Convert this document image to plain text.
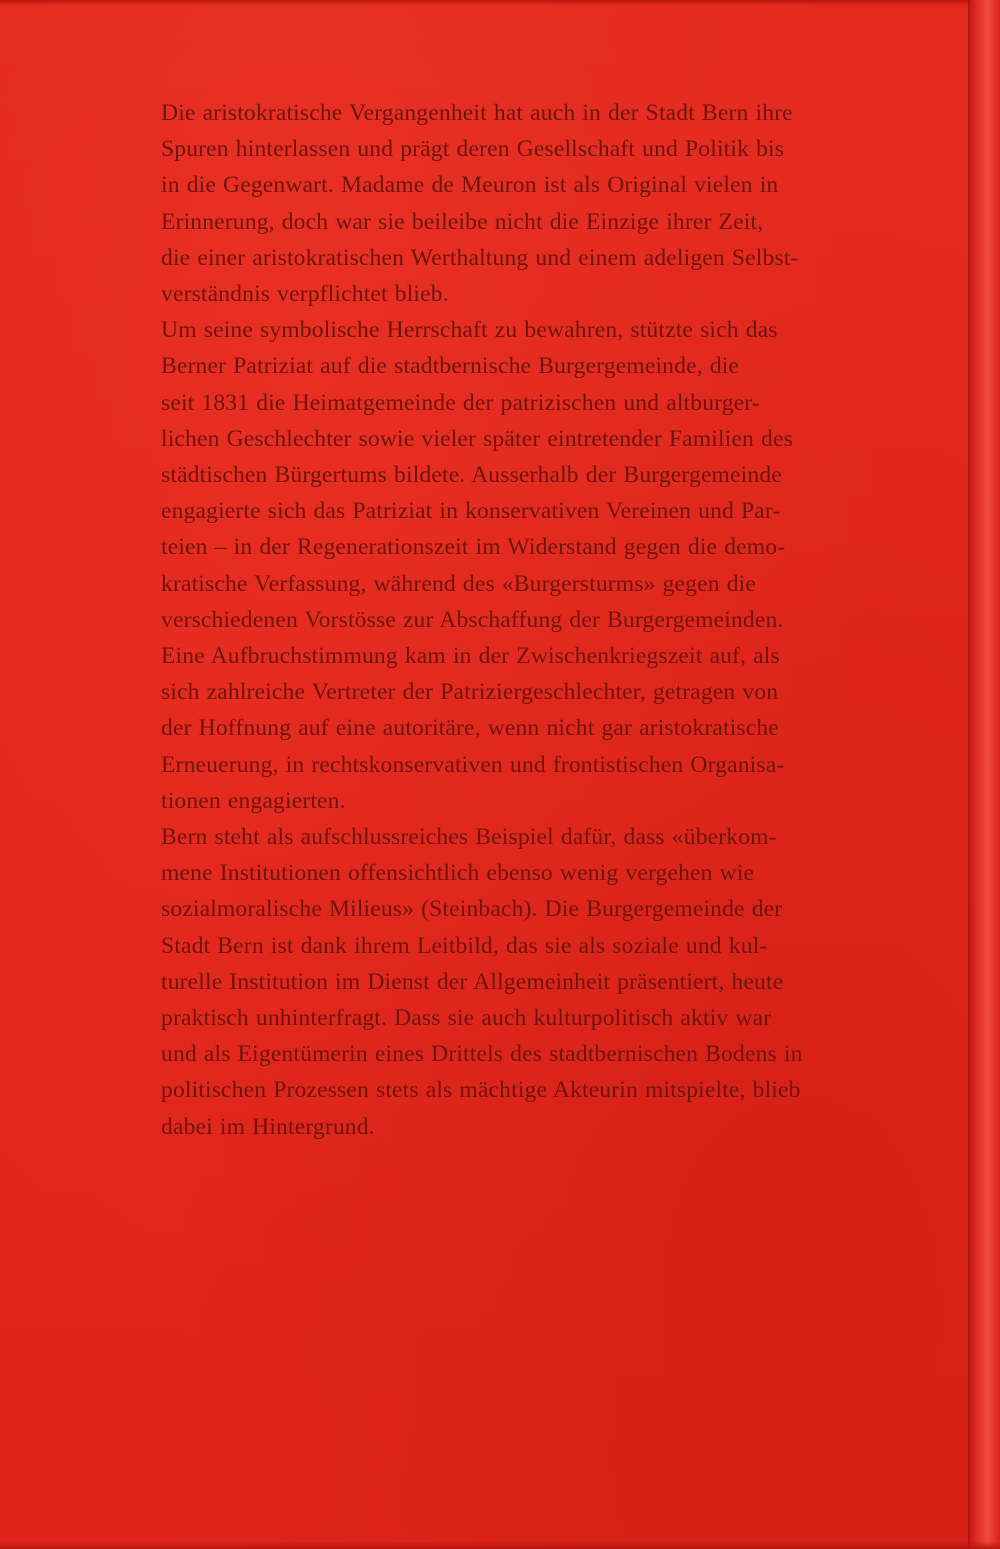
Die aristokratische Vergangenheit hat auch in der Stadt Bern ihre
Spuren hinterlassen und prägt deren Gesellschaft und Politik bis
in die Gegenwart. Madame de Meuron ist als Original vielen in
Erinnerung, doch war sie beileibe nicht die Einzige ihrer Zeit,
die einer aristokratischen Werthaltung und einem adeligen Selbst-
verständnis verpflichtet blieb.
Um seine symbolische Herrschaft zu bewahren, stützte sich das
Berner Patriziat auf die stadtbernische Burgergemeinde, die
seit 1831 die Heimatgemeinde der patrizischen und altburger-
lichen Geschlechter sowie vieler später eintretender Familien des
städtischen Bürgertums bildete. Ausserhalb der Burgergemeinde
engagierte sich das Patriziat in konservativen Vereinen und Par-
teien – in der Regenerationszeit im Widerstand gegen die demo-
kratische Verfassung, während des «Burgersturms» gegen die
verschiedenen Vorstösse zur Abschaffung der Burgergemeinden.
Eine Aufbruchstimmung kam in der Zwischenkriegszeit auf, als
sich zahlreiche Vertreter der Patriziergeschlechter, getragen von
der Hoffnung auf eine autoritäre, wenn nicht gar aristokratische
Erneuerung, in rechtskonservativen und frontistischen Organisa-
tionen engagierten.
Bern steht als aufschlussreiches Beispiel dafür, dass «überkom-
mene Institutionen offensichtlich ebenso wenig vergehen wie
sozialmoralische Milieus» (Steinbach). Die Burgergemeinde der
Stadt Bern ist dank ihrem Leitbild, das sie als soziale und kul-
turelle Institution im Dienst der Allgemeinheit präsentiert, heute
praktisch unhinterfragt. Dass sie auch kulturpolitisch aktiv war
und als Eigentümerin eines Drittels des stadtbernischen Bodens in
politischen Prozessen stets als mächtige Akteurin mitspielte, blieb
dabei im Hintergrund.
